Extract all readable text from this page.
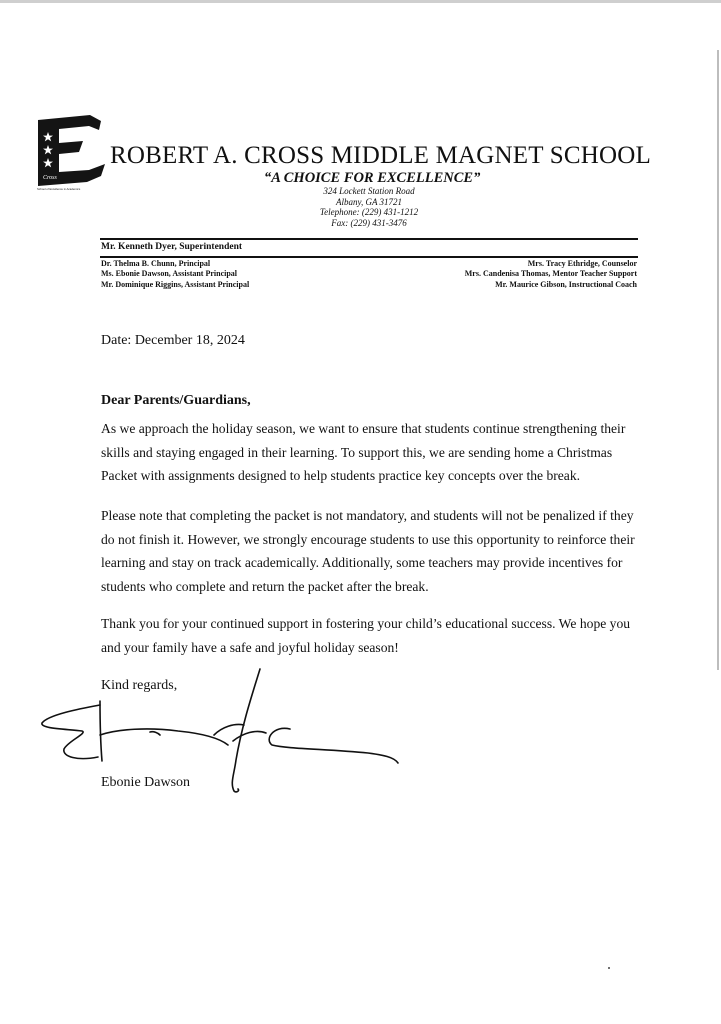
Cross
School of Excellence in Academics
ROBERT A. CROSS MIDDLE MAGNET SCHOOL
“A CHOICE FOR EXCELLENCE”
324 Lockett Station Road
Albany, GA 31721
Telephone: (229) 431-1212
Fax: (229) 431-3476
Mr. Kenneth Dyer, Superintendent
Dr. Thelma B. Chunn, Principal
Ms. Ebonie Dawson, Assistant Principal
Mr. Dominique Riggins, Assistant Principal
Mrs. Tracy Ethridge, Counselor
Mrs. Candenisa Thomas, Mentor Teacher Support
Mr. Maurice Gibson, Instructional Coach
Date: December 18, 2024
Dear Parents/Guardians,
As we approach the holiday season, we want to ensure that students continue strengthening their skills and staying engaged in their learning. To support this, we are sending home a Christmas Packet with assignments designed to help students practice key concepts over the break.
Please note that completing the packet is not mandatory, and students will not be penalized if they do not finish it. However, we strongly encourage students to use this opportunity to reinforce their learning and stay on track academically. Additionally, some teachers may provide incentives for students who complete and return the packet after the break.
Thank you for your continued support in fostering your child’s educational success. We hope you and your family have a safe and joyful holiday season!
Kind regards,
Ebonie Dawson
